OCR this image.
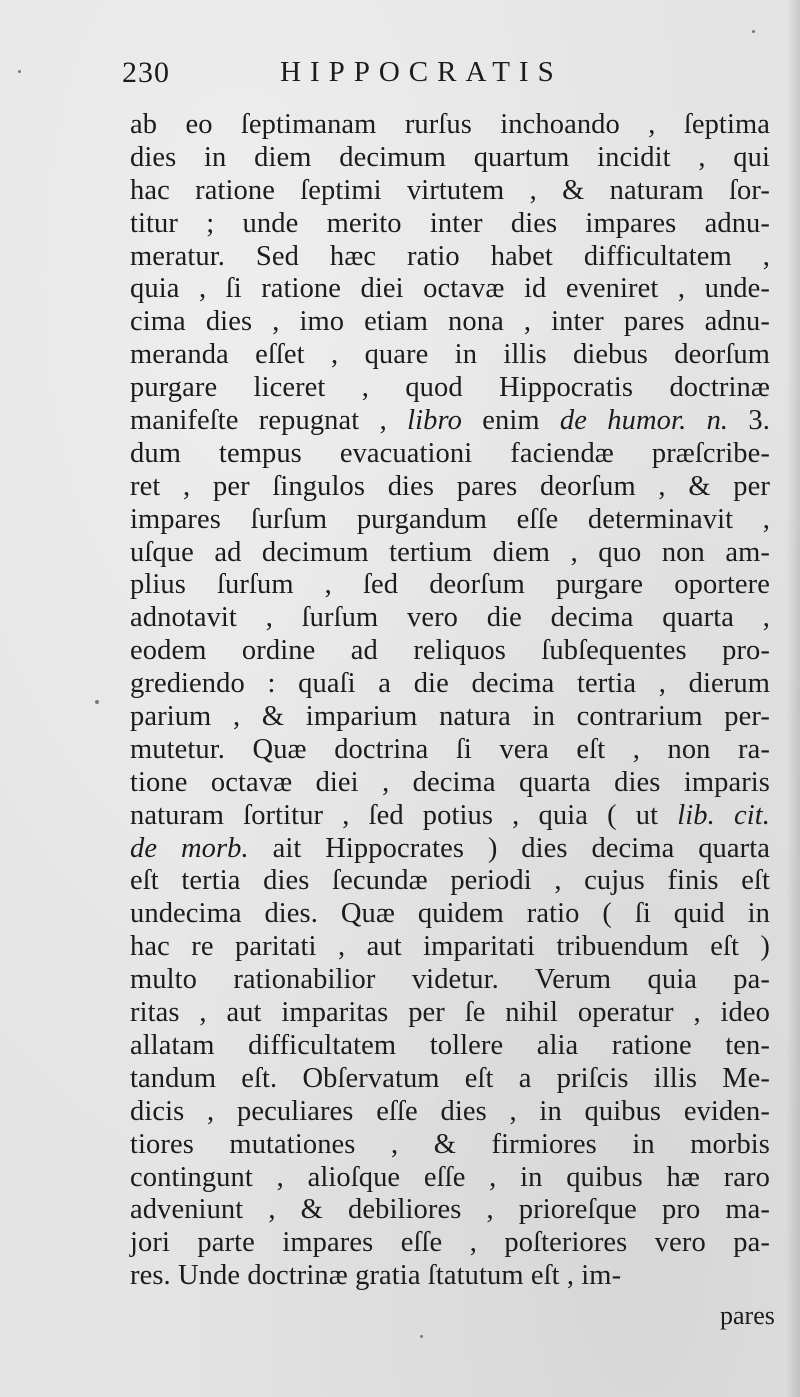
230	HIPPOCRATIS
ab eo ſeptimanam rurſus inchoando , ſeptima
dies in diem decimum quartum incidit , qui
hac ratione ſeptimi virtutem , & naturam ſor-
titur ; unde merito inter dies impares adnu-
meratur. Sed hæc ratio habet difficultatem ,
quia , ſi ratione diei octavæ id eveniret , unde-
cima dies , imo etiam nona , inter pares adnu-
meranda eſſet , quare in illis diebus deorſum
purgare liceret , quod Hippocratis doctrinæ
manifeſte repugnat , libro enim de humor. n. 3.
dum tempus evacuationi faciendæ præſcribe-
ret , per ſingulos dies pares deorſum , & per
impares ſurſum purgandum eſſe determinavit ,
uſque ad decimum tertium diem , quo non am-
plius ſurſum , ſed deorſum purgare oportere
adnotavit , ſurſum vero die decima quarta ,
eodem ordine ad reliquos ſubſequentes pro-
grediendo : quaſi a die decima tertia , dierum
parium , & imparium natura in contrarium per-
mutetur. Quæ doctrina ſi vera eſt , non ra-
tione octavæ diei , decima quarta dies imparis
naturam ſortitur , ſed potius , quia ( ut lib. cit.
de morb. ait Hippocrates ) dies decima quarta
eſt tertia dies ſecundæ periodi , cujus finis eſt
undecima dies. Quæ quidem ratio ( ſi quid in
hac re paritati , aut imparitati tribuendum eſt )
multo rationabilior videtur. Verum quia pa-
ritas , aut imparitas per ſe nihil operatur , ideo
allatam difficultatem tollere alia ratione ten-
tandum eſt. Obſervatum eſt a priſcis illis Me-
dicis , peculiares eſſe dies , in quibus eviden-
tiores mutationes , & firmiores in morbis
contingunt , alioſque eſſe , in quibus hæ raro
adveniunt , & debiliores , prioreſque pro ma-
jori parte impares eſſe , poſteriores vero pa-
res. Unde doctrinæ gratia ſtatutum eſt , im-
pares
